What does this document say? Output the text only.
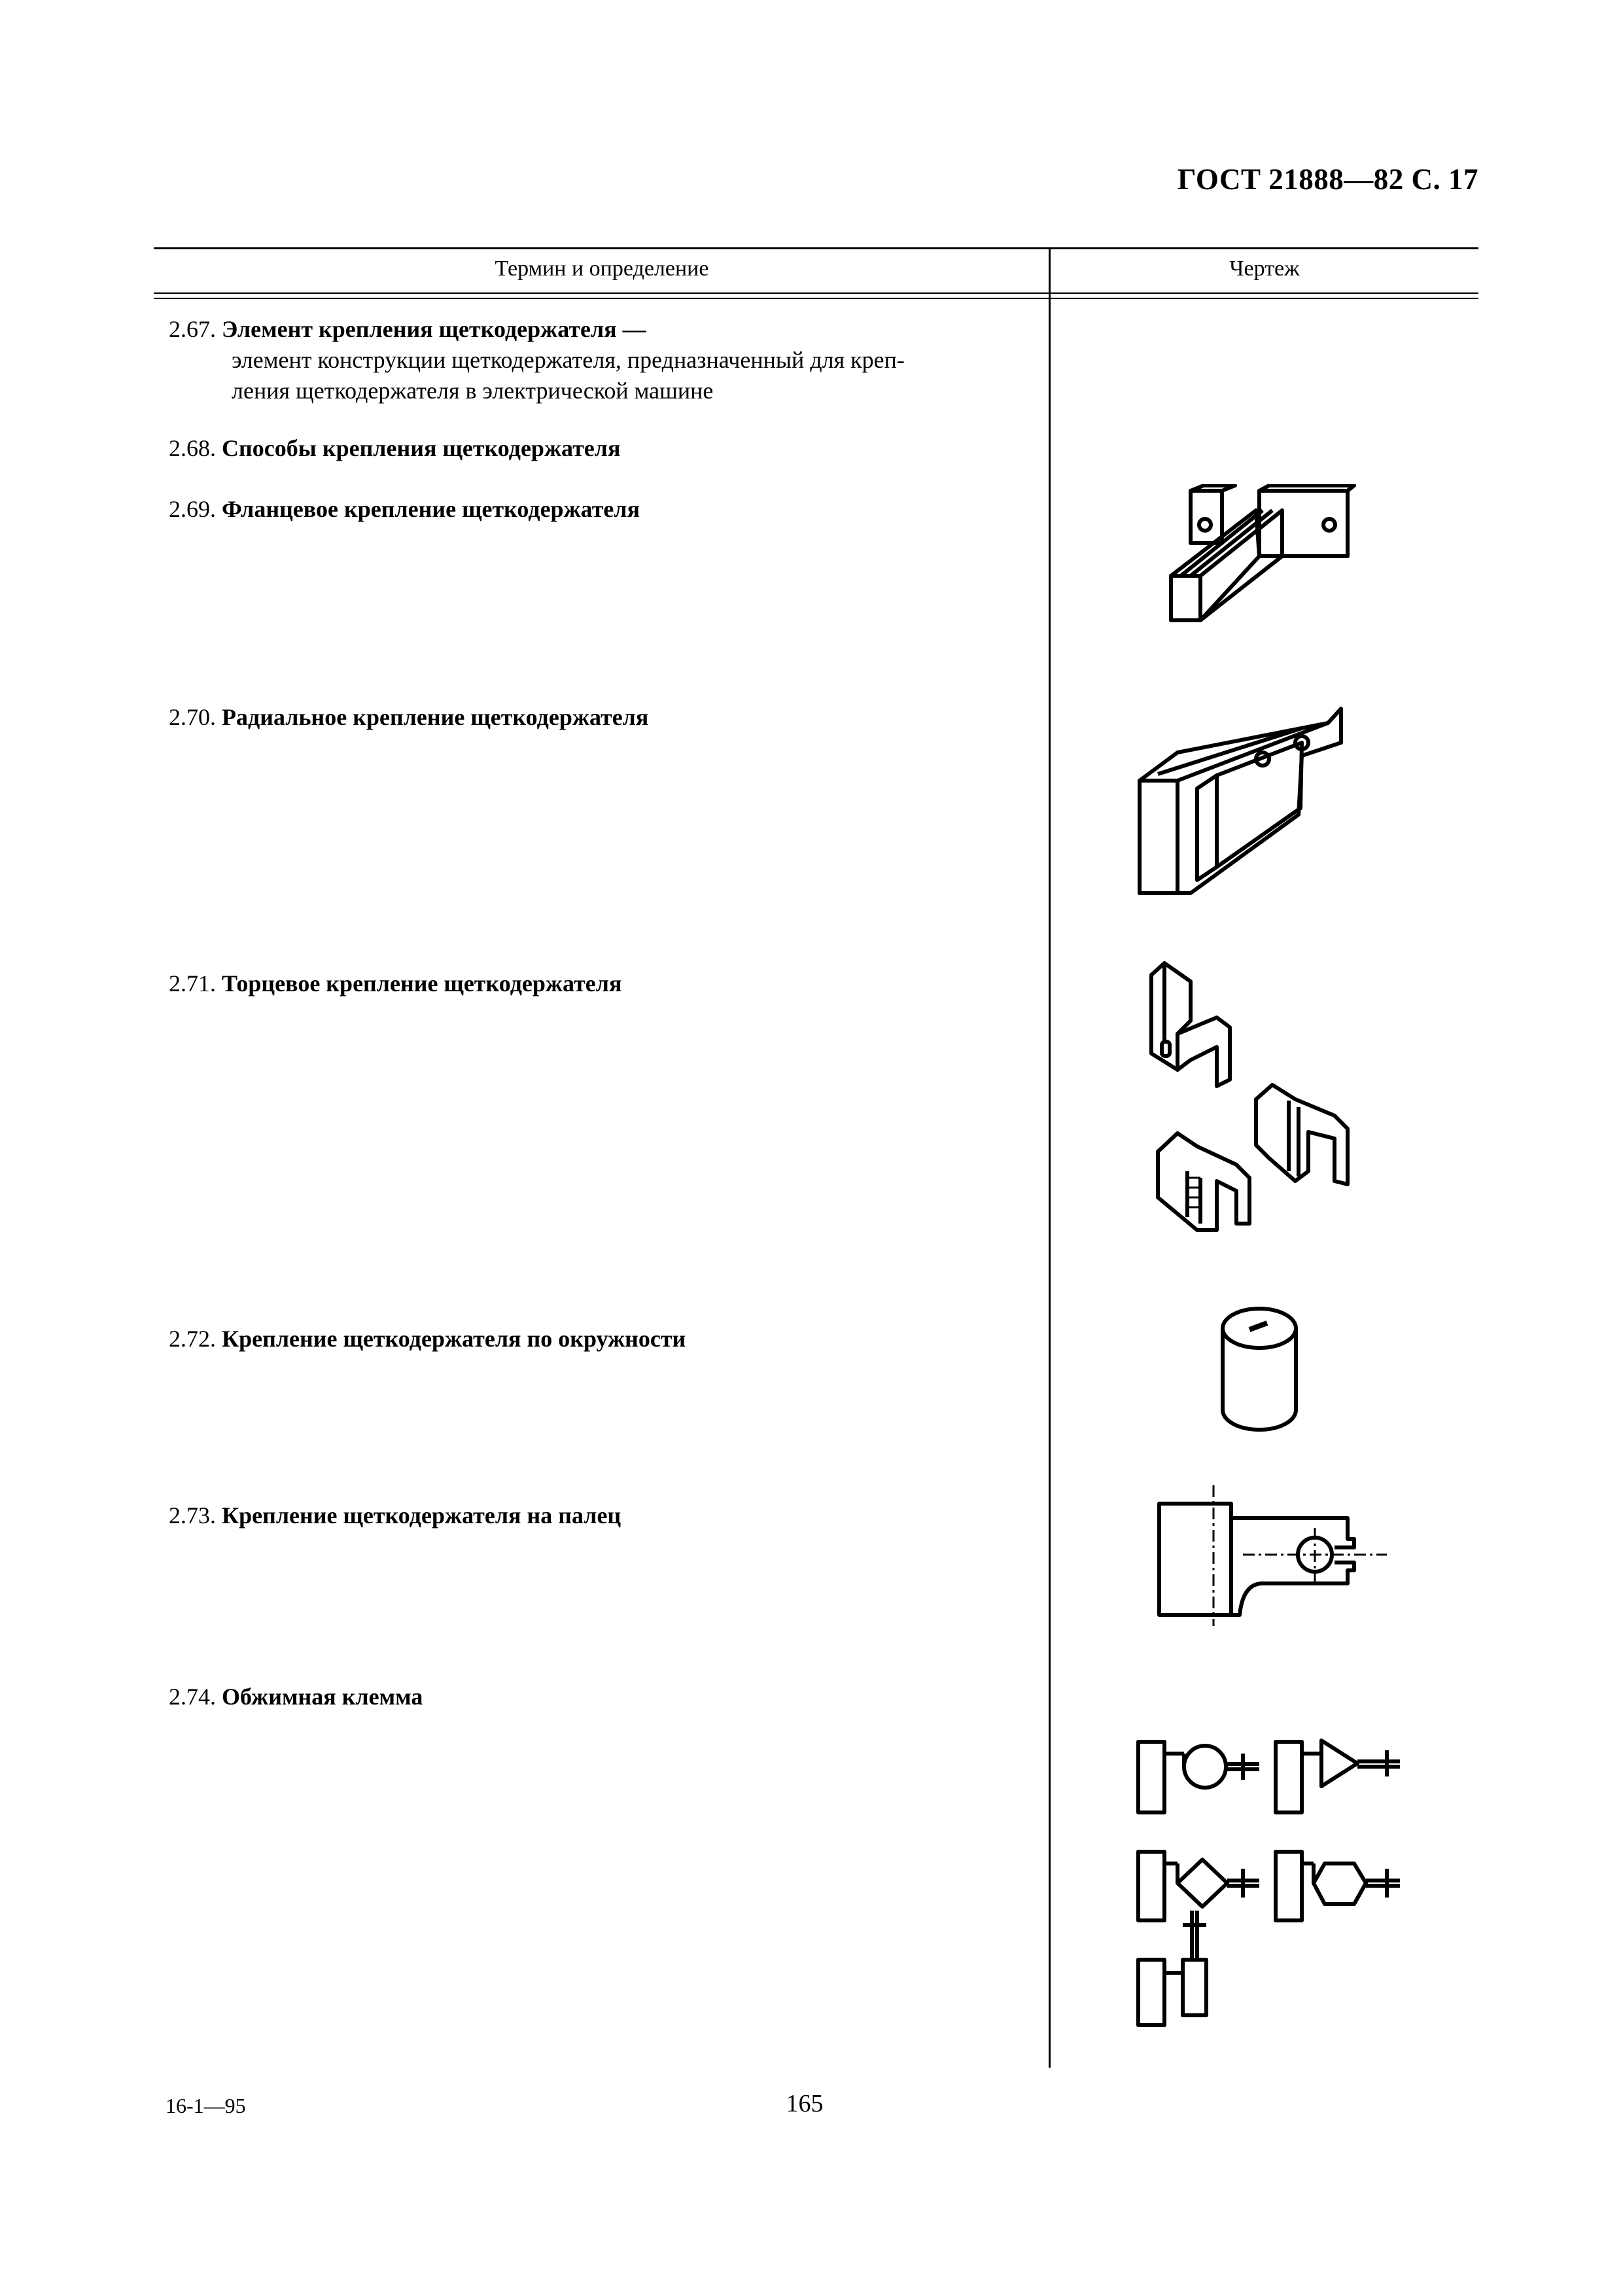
ГОСТ 21888—82 С. 17
Термин и определение	Чертеж
2.67. Элемент крепления щеткодержателя —
элемент конструкции щеткодержателя, предназначенный для креп-
ления щеткодержателя в электрической машине
2.68. Способы крепления щеткодержателя
2.69. Фланцевое крепление щеткодержателя
2.70. Радиальное крепление щеткодержателя
2.71. Торцевое крепление щеткодержателя
2.72. Крепление щеткодержателя по окружности
2.73. Крепление щеткодержателя на палец
2.74. Обжимная клемма
16-1—95	165
